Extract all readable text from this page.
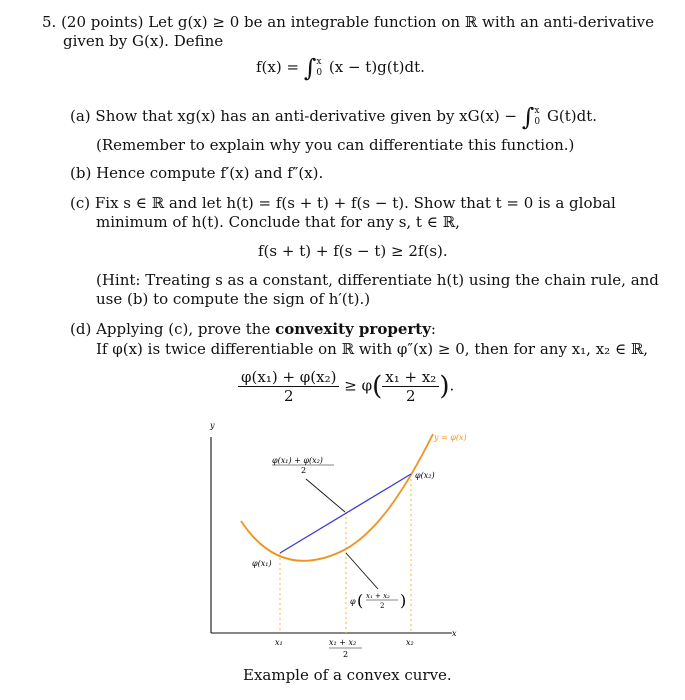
5. (20 points) Let g(x) ≥ 0 be an integrable function on ℝ with an anti-derivative
given by G(x). Define
f(x) = ∫ x
0 (x − t)g(t)dt.
(a) Show that xg(x) has an anti-derivative given by xG(x) − ∫ x
0 G(t)dt.
(Remember to explain why you can differentiate this function.)
(b) Hence compute f′(x) and f″(x).
(c) Fix s ∈ ℝ and let h(t) = f(s + t) + f(s − t). Show that t = 0 is a global
minimum of h(t). Conclude that for any s, t ∈ ℝ,
f(s + t) + f(s − t) ≥ 2f(s).
(Hint: Treating s as a constant, differentiate h(t) using the chain rule, and
use (b) to compute the sign of h′(t).)
(d) Applying (c), prove the convexity property:
If φ(x) is twice differentiable on ℝ with φ″(x) ≥ 0, then for any x₁, x₂ ∈ ℝ,
$\frac{\text{φ(x₁) + φ(x₂)}}{2} \ge \varphi( \frac{\text{x₁ + x₂}}{2}$ ).
y
x
y = φ(x)
φ(x₁) + φ(x₂)
2
φ(x₂)
φ(x₁)
φ ( x₁ + x₂
2 )
x₁	x₂
x₁ + x₂
2
Example of a convex curve.
